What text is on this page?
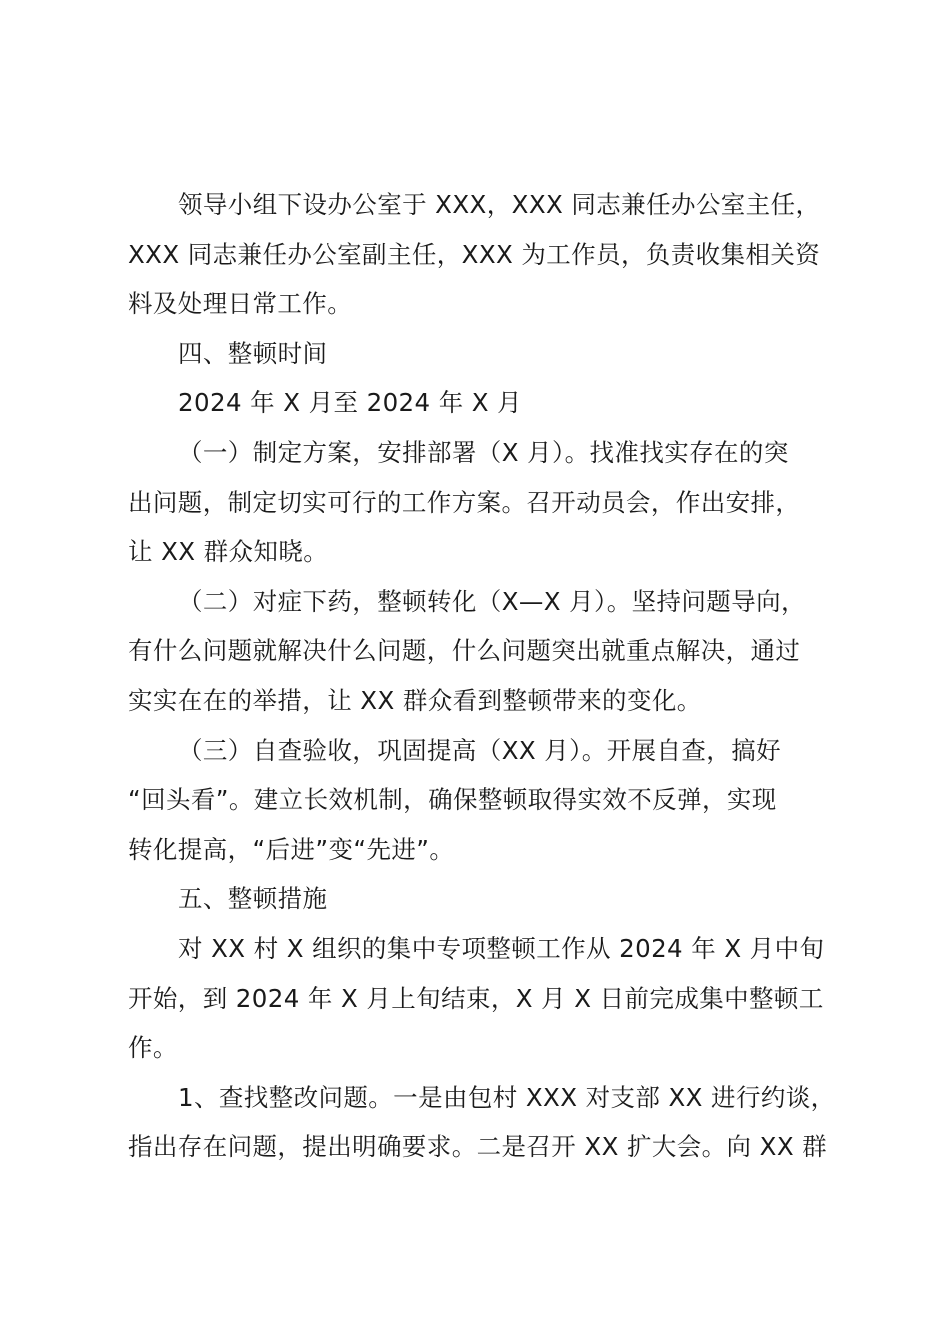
领导小组下设办公室于 XXX，XXX 同志兼任办公室主任，
XXX 同志兼任办公室副主任，XXX 为工作员，负责收集相关资
料及处理日常工作。
四、整顿时间
2024 年 X 月至 2024 年 X 月
（一）制定方案，安排部署（X 月）。找准找实存在的突
出问题，制定切实可行的工作方案。召开动员会，作出安排，
让 XX 群众知晓。
（二）对症下药，整顿转化（X—X 月）。坚持问题导向，
有什么问题就解决什么问题，什么问题突出就重点解决，通过
实实在在的举措，让 XX 群众看到整顿带来的变化。
（三）自查验收，巩固提高（XX 月）。开展自查，搞好
“回头看”。建立长效机制，确保整顿取得实效不反弹，实现
转化提高，“后进”变“先进”。
五、整顿措施
对 XX 村 X 组织的集中专项整顿工作从 2024 年 X 月中旬
开始，到 2024 年 X 月上旬结束，X 月 X 日前完成集中整顿工
作。
1、查找整改问题。一是由包村 XXX 对支部 XX 进行约谈，
指出存在问题，提出明确要求。二是召开 XX 扩大会。向 XX 群
